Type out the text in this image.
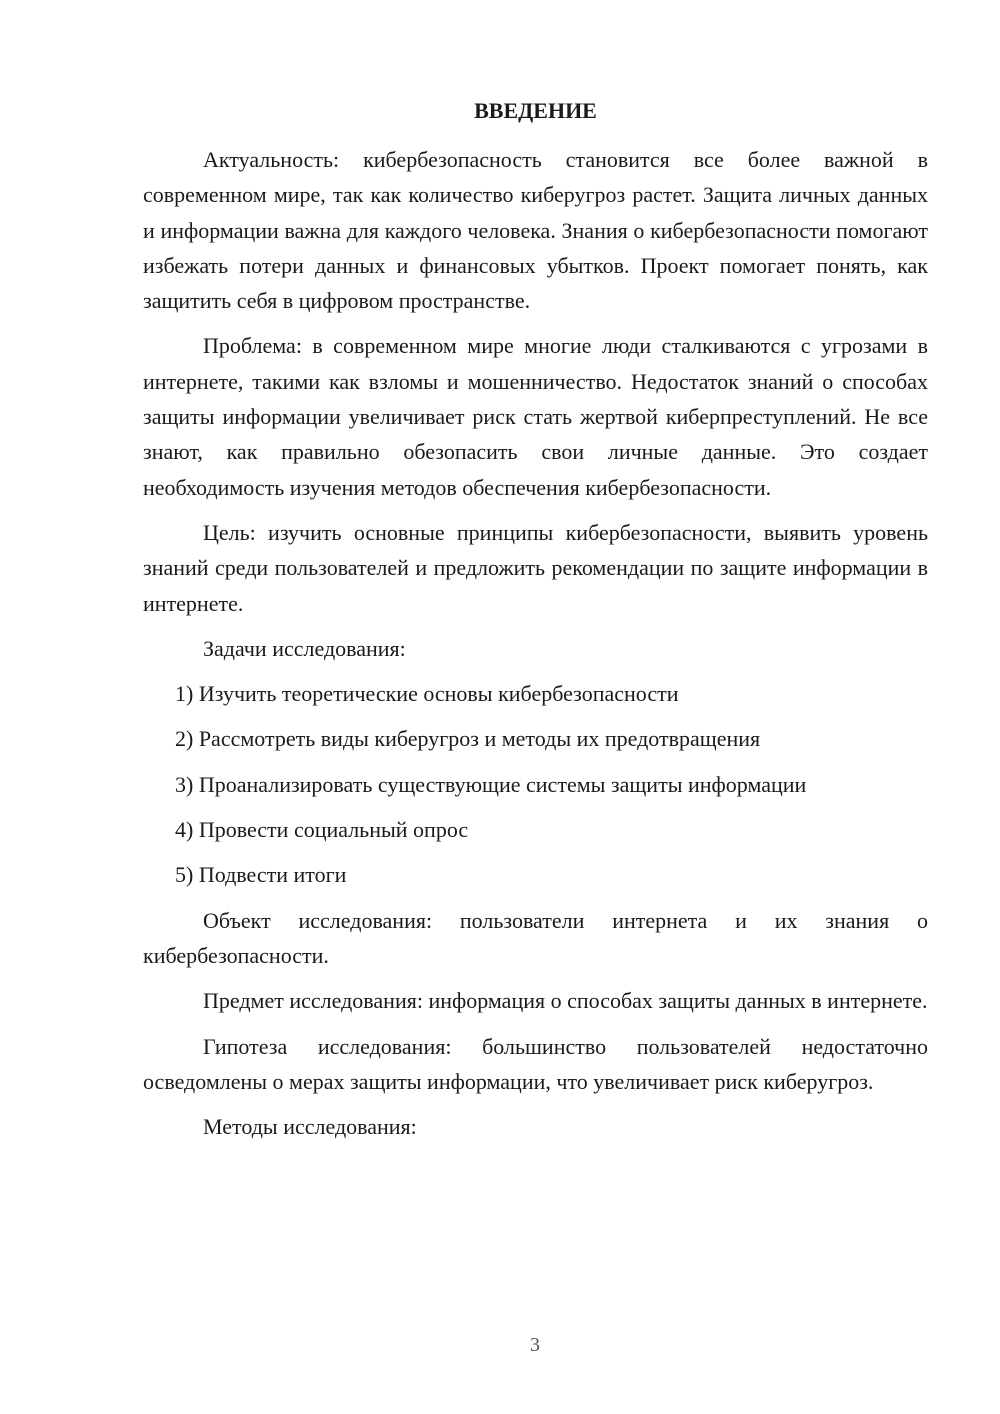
ВВЕДЕНИЕ

Актуальность: кибербезопасность становится все более важной в современном мире, так как количество киберугроз растет. Защита личных данных и информации важна для каждого человека. Знания о кибербезопасности помогают избежать потери данных и финансовых убытков. Проект помогает понять, как защитить себя в цифровом пространстве.

Проблема: в современном мире многие люди сталкиваются с угрозами в интернете, такими как взломы и мошенничество. Недостаток знаний о способах защиты информации увеличивает риск стать жертвой киберпреступлений. Не все знают, как правильно обезопасить свои личные данные. Это создает необходимость изучения методов обеспечения кибербезопасности.

Цель: изучить основные принципы кибербезопасности, выявить уровень знаний среди пользователей и предложить рекомендации по защите информации в интернете.

Задачи исследования:

1) Изучить теоретические основы кибербезопасности
2) Рассмотреть виды киберугроз и методы их предотвращения
3) Проанализировать существующие системы защиты информации
4) Провести социальный опрос
5) Подвести итоги

Объект исследования: пользователи интернета и их знания о кибербезопасности.

Предмет исследования: информация о способах защиты данных в интернете.

Гипотеза исследования: большинство пользователей недостаточно осведомлены о мерах защиты информации, что увеличивает риск киберугроз.

Методы исследования:

3
